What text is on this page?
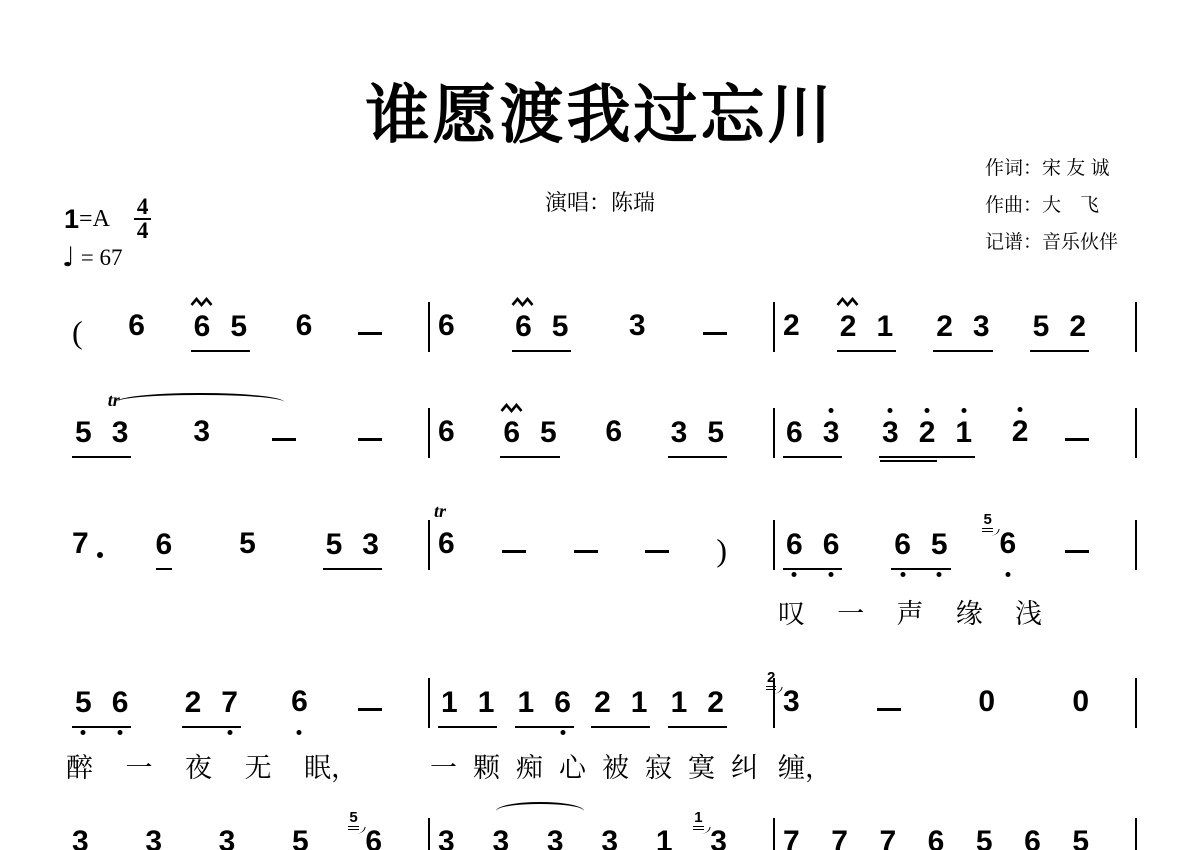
谁愿渡我过忘川
演唱：陈瑞
作词：宋 友 诚
作曲：大　飞
记谱：音乐伙伴
$1 =A \frac{4}{4}$
♩ = 67
( 6 6 5 6	6 6 5 3	2 2 1 2 3 5 2
5 3
tr
3	6 6 5 6 3 5 6 3 3 2 1 2
7 6 5 5 3 6
tr
) 6 6 6 5
5
6
5 6 2 7 6	1 1 1 6 2 1 1 2
2
3	0	0
3 3 3 5
5
6 3 3 3 3 1
1
3 7 7 7 6 5 6 5
叹 一 声 缘 浅
醉 一 夜 无 眠，	一 颗 痴 心 被 寂 寞 纠 缠，
